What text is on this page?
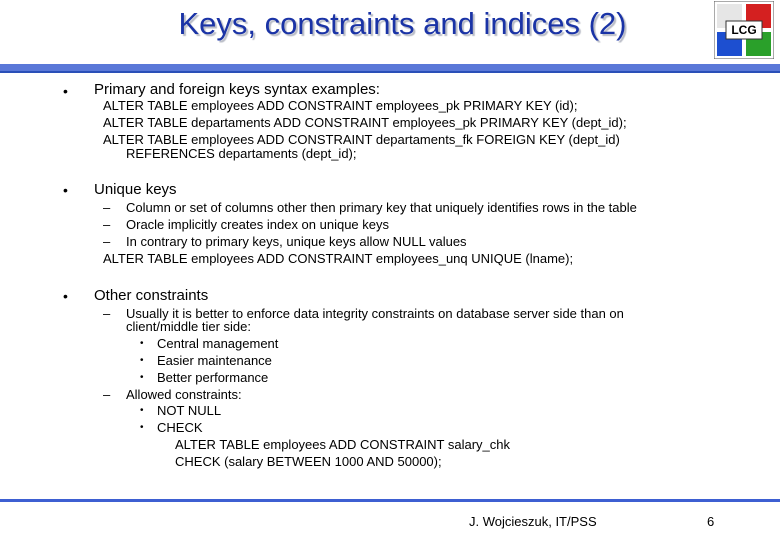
Keys, constraints and indices (2)	LCG
• Primary and foreign keys syntax examples:
ALTER TABLE employees ADD CONSTRAINT employees_pk PRIMARY KEY (id);
ALTER TABLE departaments ADD CONSTRAINT employees_pk PRIMARY KEY (dept_id);
ALTER TABLE employees ADD CONSTRAINT departaments_fk FOREIGN KEY (dept_id)
REFERENCES departaments (dept_id);
• Unique keys
– Column or set of columns other then primary key that uniquely identifies rows in the table
– Oracle implicitly creates index on unique keys
– In contrary to primary keys, unique keys allow NULL values
ALTER TABLE employees ADD CONSTRAINT employees_unq UNIQUE (lname);
• Other constraints
– Usually it is better to enforce data integrity constraints on database server side than on
client/middle tier side:
• Central management
• Easier maintenance
• Better performance
– Allowed constraints:
• NOT NULL
• CHECK
ALTER TABLE employees ADD CONSTRAINT salary_chk
CHECK (salary BETWEEN 1000 AND 50000);
J. Wojcieszuk, IT/PSS	6
